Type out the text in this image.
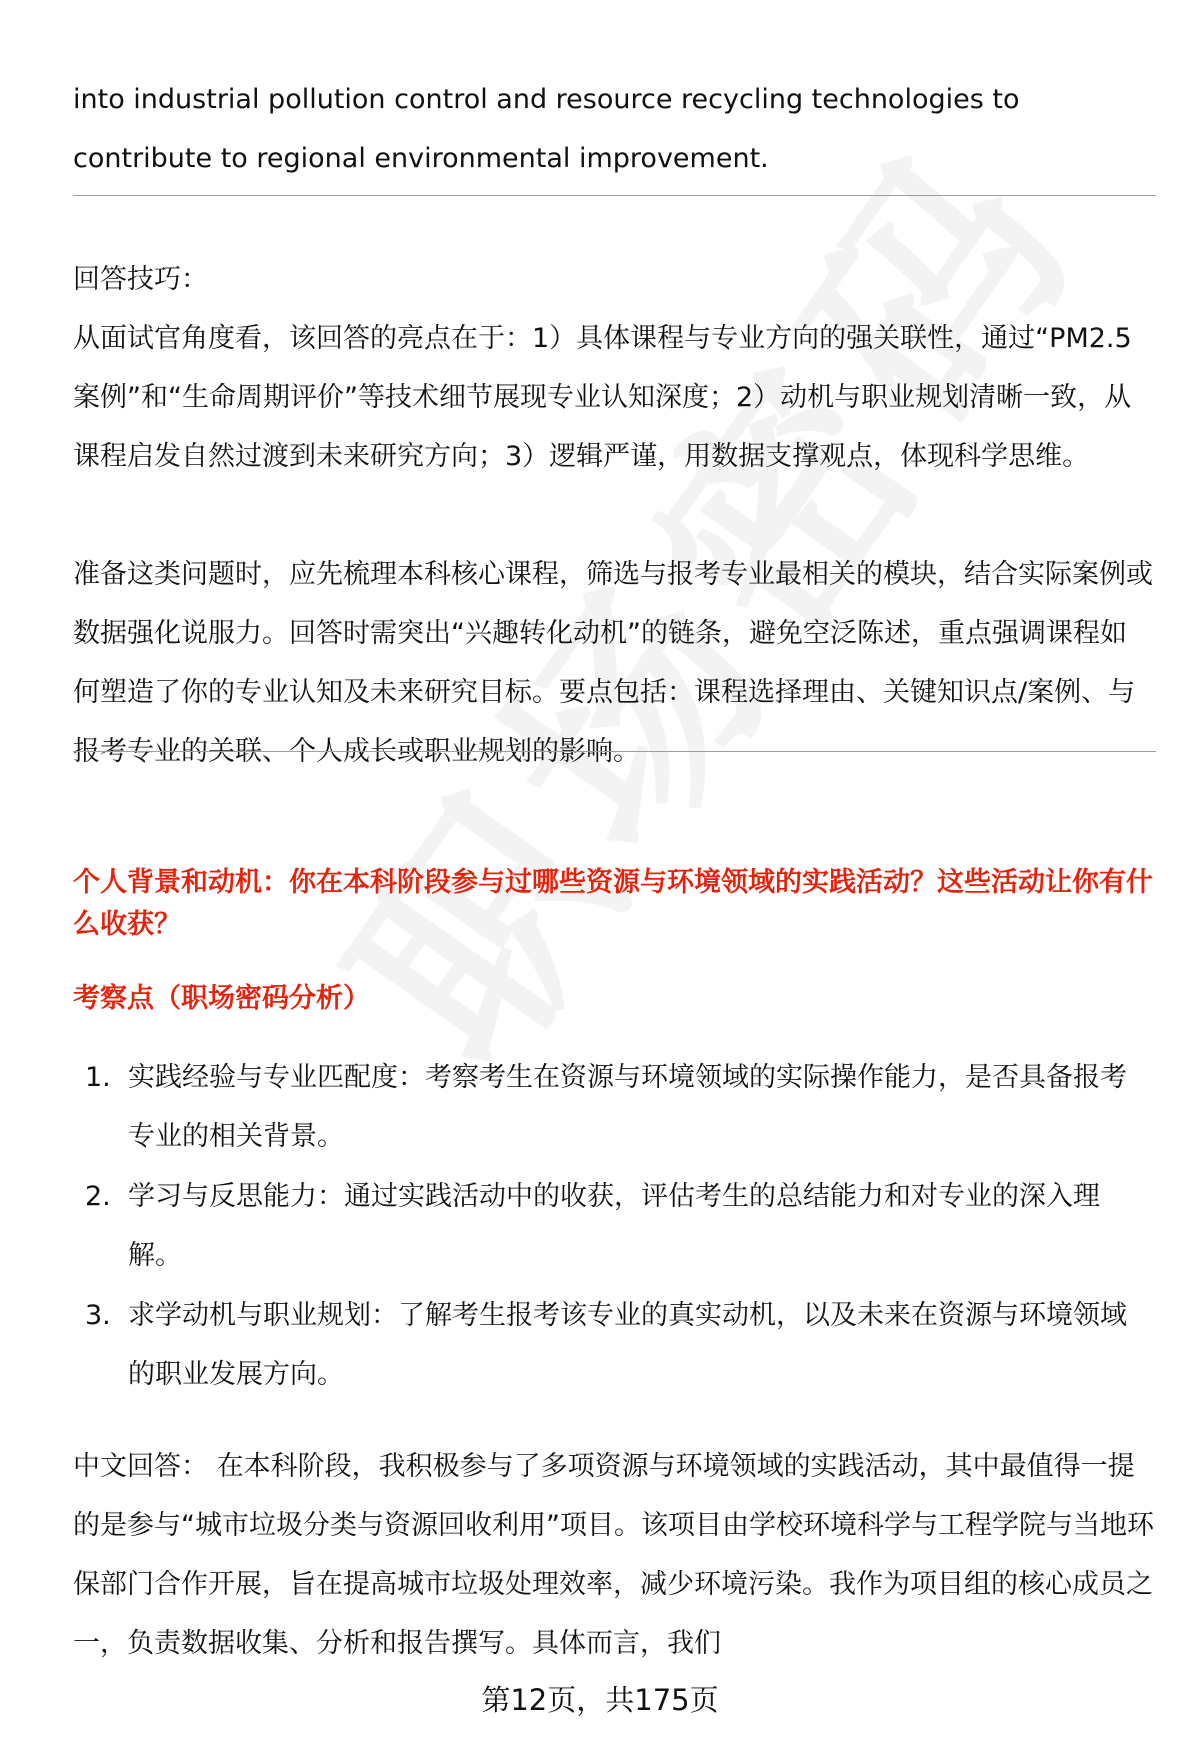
into industrial pollution control and resource recycling technologies to contribute to regional environmental improvement.

回答技巧：

从面试官角度看，该回答的亮点在于：1）具体课程与专业方向的强关联性，通过“PM2.5案例”和“生命周期评价”等技术细节展现专业认知深度；2）动机与职业规划清晰一致，从课程启发自然过渡到未来研究方向；3）逻辑严谨，用数据支撑观点，体现科学思维。

准备这类问题时，应先梳理本科核心课程，筛选与报考专业最相关的模块，结合实际案例或数据强化说服力。回答时需突出“兴趣转化动机”的链条，避免空泛陈述，重点强调课程如何塑造了你的专业认知及未来研究目标。要点包括：课程选择理由、关键知识点/案例、与报考专业的关联、个人成长或职业规划的影响。

个人背景和动机：你在本科阶段参与过哪些资源与环境领域的实践活动？这些活动让你有什么收获？
考察点（职场密码分析）
1. 实践经验与专业匹配度：考察考生在资源与环境领域的实际操作能力，是否具备报考专业的相关背景。
2. 学习与反思能力：通过实践活动中的收获，评估考生的总结能力和对专业的深入理解。
3. 求学动机与职业规划：了解考生报考该专业的真实动机，以及未来在资源与环境领域的职业发展方向。

中文回答： 在本科阶段，我积极参与了多项资源与环境领域的实践活动，其中最值得一提的是参与“城市垃圾分类与资源回收利用”项目。该项目由学校环境科学与工程学院与当地环保部门合作开展，旨在提高城市垃圾处理效率，减少环境污染。我作为项目组的核心成员之一，负责数据收集、分析和报告撰写。具体而言，我们

第12页，共175页
